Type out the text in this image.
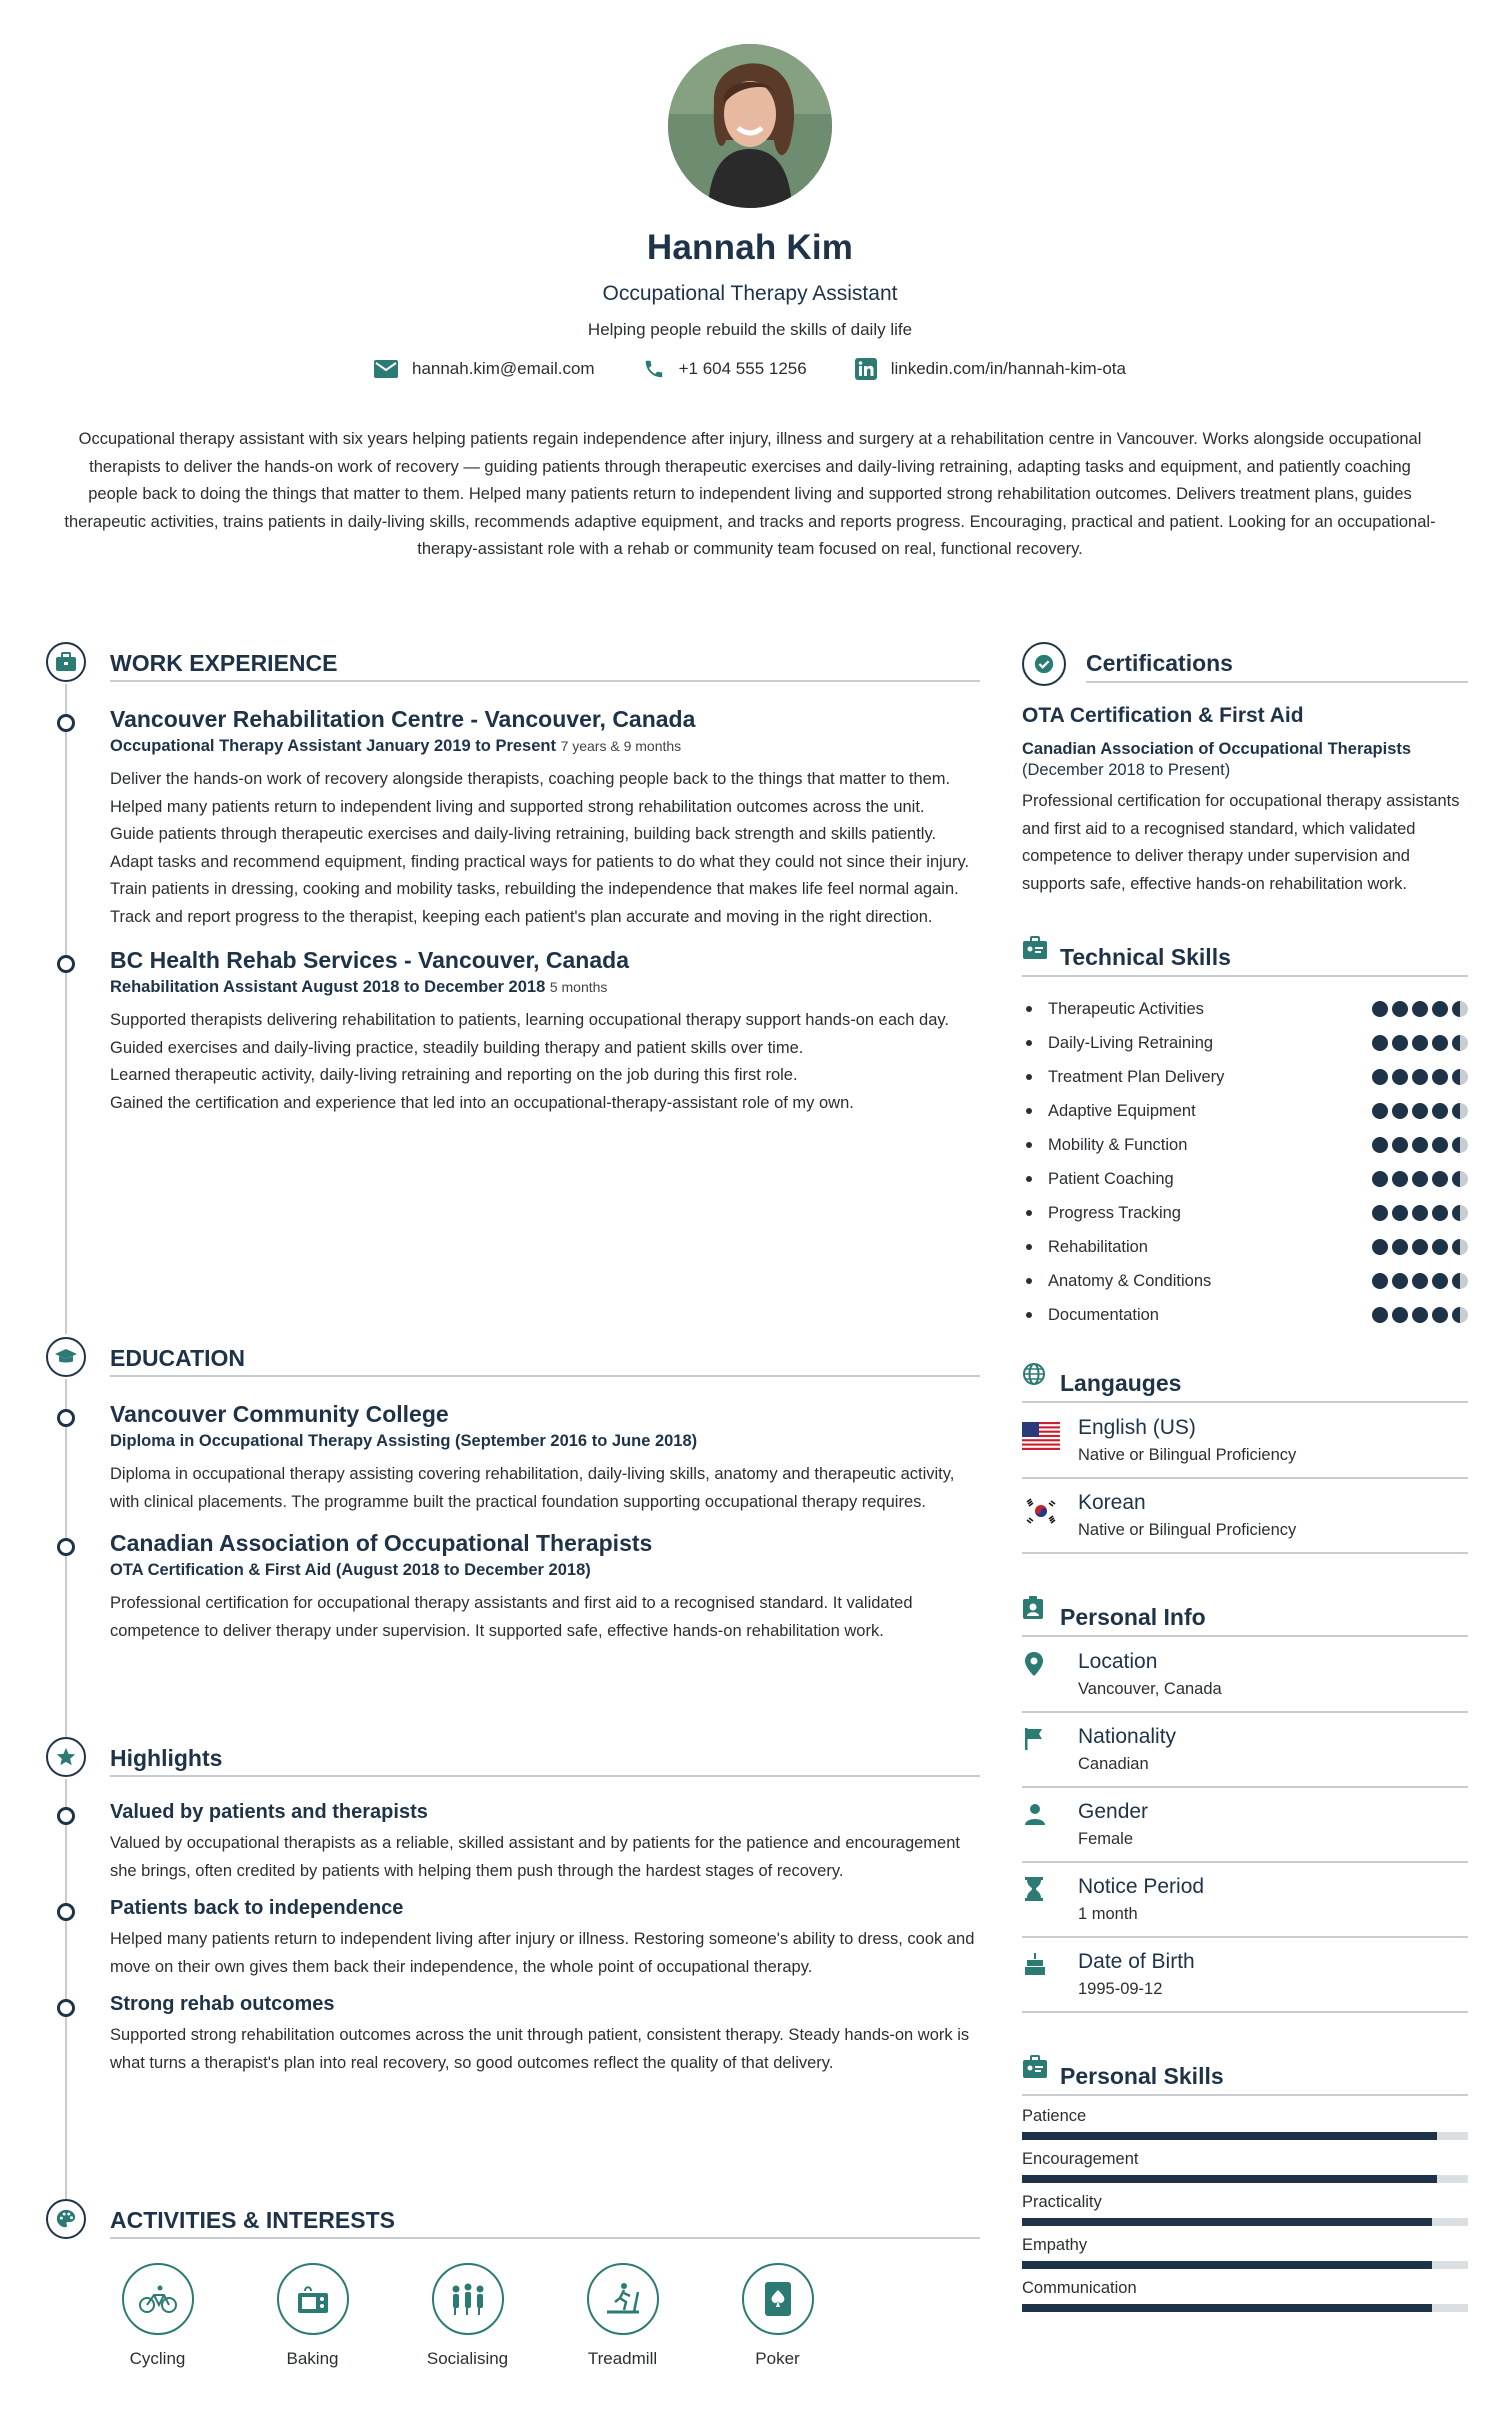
Hannah Kim
Occupational Therapy Assistant
Helping people rebuild the skills of daily life
hannah.kim@email.com	+1 604 555 1256	linkedin.com/in/hannah-kim-ota
Occupational therapy assistant with six years helping patients regain independence after injury, illness and surgery at a rehabilitation centre in Vancouver. Works alongside occupational therapists to deliver the hands-on work of recovery — guiding patients through therapeutic exercises and daily-living retraining, adapting tasks and equipment, and patiently coaching people back to doing the things that matter to them. Helped many patients return to independent living and supported strong rehabilitation outcomes. Delivers treatment plans, guides therapeutic activities, trains patients in daily-living skills, recommends adaptive equipment, and tracks and reports progress. Encouraging, practical and patient. Looking for an occupational-therapy-assistant role with a rehab or community team focused on real, functional recovery.
WORK EXPERIENCE
Vancouver Rehabilitation Centre - Vancouver, Canada
Occupational Therapy Assistant January 2019 to Present 7 years & 9 months
Deliver the hands-on work of recovery alongside therapists, coaching people back to the things that matter to them.
Helped many patients return to independent living and supported strong rehabilitation outcomes across the unit.
Guide patients through therapeutic exercises and daily-living retraining, building back strength and skills patiently.
Adapt tasks and recommend equipment, finding practical ways for patients to do what they could not since their injury.
Train patients in dressing, cooking and mobility tasks, rebuilding the independence that makes life feel normal again.
Track and report progress to the therapist, keeping each patient's plan accurate and moving in the right direction.
BC Health Rehab Services - Vancouver, Canada
Rehabilitation Assistant August 2018 to December 2018 5 months
Supported therapists delivering rehabilitation to patients, learning occupational therapy support hands-on each day.
Guided exercises and daily-living practice, steadily building therapy and patient skills over time.
Learned therapeutic activity, daily-living retraining and reporting on the job during this first role.
Gained the certification and experience that led into an occupational-therapy-assistant role of my own.
EDUCATION
Vancouver Community College
Diploma in Occupational Therapy Assisting (September 2016 to June 2018)
Diploma in occupational therapy assisting covering rehabilitation, daily-living skills, anatomy and therapeutic activity, with clinical placements. The programme built the practical foundation supporting occupational therapy requires.
Canadian Association of Occupational Therapists
OTA Certification & First Aid (August 2018 to December 2018)
Professional certification for occupational therapy assistants and first aid to a recognised standard. It validated competence to deliver therapy under supervision. It supported safe, effective hands-on rehabilitation work.
Highlights
Valued by patients and therapists
Valued by occupational therapists as a reliable, skilled assistant and by patients for the patience and encouragement she brings, often credited by patients with helping them push through the hardest stages of recovery.
Patients back to independence
Helped many patients return to independent living after injury or illness. Restoring someone's ability to dress, cook and move on their own gives them back their independence, the whole point of occupational therapy.
Strong rehab outcomes
Supported strong rehabilitation outcomes across the unit through patient, consistent therapy. Steady hands-on work is what turns a therapist's plan into real recovery, so good outcomes reflect the quality of that delivery.
ACTIVITIES & INTERESTS
Cycling	Baking	Socialising	Treadmill	Poker
Certifications
OTA Certification & First Aid
Canadian Association of Occupational Therapists
(December 2018 to Present)
Professional certification for occupational therapy assistants and first aid to a recognised standard, which validated competence to deliver therapy under supervision and supports safe, effective hands-on rehabilitation work.
Technical Skills
Therapeutic Activities
Daily-Living Retraining
Treatment Plan Delivery
Adaptive Equipment
Mobility & Function
Patient Coaching
Progress Tracking
Rehabilitation
Anatomy & Conditions
Documentation
Langauges
English (US)
Native or Bilingual Proficiency
Korean
Native or Bilingual Proficiency
Personal Info
Location
Vancouver, Canada
Nationality
Canadian
Gender
Female
Notice Period
1 month
Date of Birth
1995-09-12
Personal Skills
Patience
Encouragement
Practicality
Empathy
Communication
